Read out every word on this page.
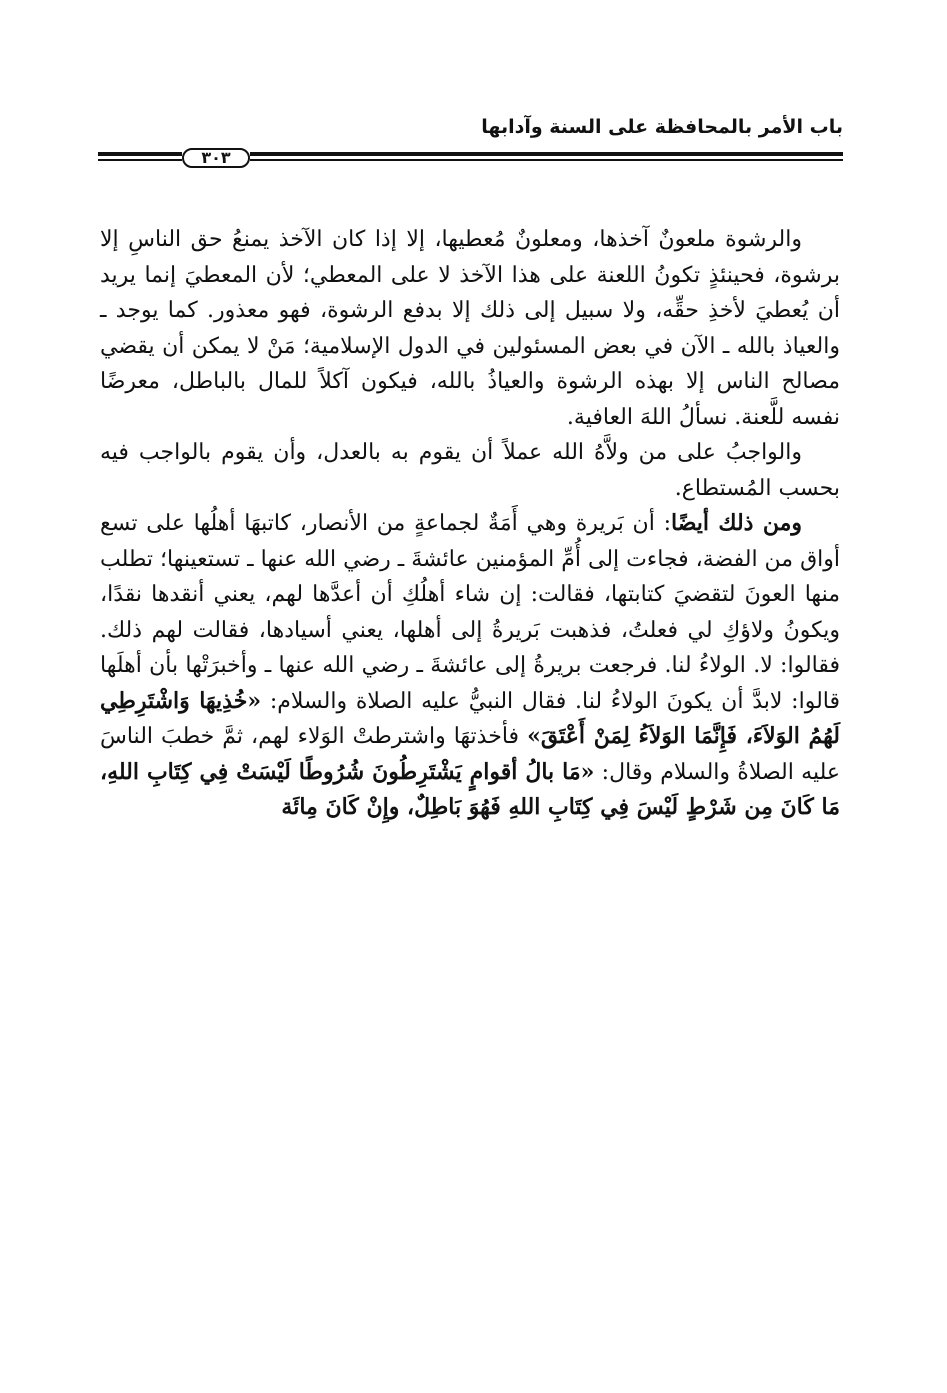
باب الأمر بالمحافظة على السنة وآدابها
٣٠٣

والرشوة ملعونٌ آخذها، ومعلونٌ مُعطيها، إلا إذا كان الآخذ يمنعُ حق الناسِ إلا برشوة، فحينئذٍ تكونُ اللعنة على هذا الآخذ لا على المعطي؛ لأن المعطيَ إنما يريد أن يُعطيَ لأخذِ حقِّه، ولا سبيل إلى ذلك إلا بدفع الرشوة، فهو معذور. كما يوجد ـ والعياذ بالله ـ الآن في بعض المسئولين في الدول الإسلامية؛ مَنْ لا يمكن أن يقضي مصالح الناس إلا بهذه الرشوة والعياذُ بالله، فيكون آكلاً للمال بالباطل، معرضًا نفسه للَّعنة. نسألُ اللهَ العافية.

والواجبُ على من ولاَّهُ الله عملاً أن يقوم به بالعدل، وأن يقوم بالواجب فيه بحسب المُستطاع.

ومن ذلك أيضًا: أن بَريرة وهي أَمَةٌ لجماعةٍ من الأنصار، كاتبهَا أهلُها على تسع أواق من الفضة، فجاءت إلى أُمِّ المؤمنين عائشةَ ـ رضي الله عنها ـ تستعينها؛ تطلب منها العونَ لتقضيَ كتابتها، فقالت: إن شاء أهلُكِ أن أعدَّها لهم، يعني أنقدها نقدًا، ويكونُ ولاؤكِ لي فعلتُ، فذهبت بَريرةُ إلى أهلها، يعني أسيادها، فقالت لهم ذلك. فقالوا: لا. الولاءُ لنا. فرجعت بريرةُ إلى عائشةَ ـ رضي الله عنها ـ وأخبرَتْها بأن أهلَها قالوا: لابدَّ أن يكونَ الولاءُ لنا. فقال النبيُّ عليه الصلاة والسلام: «خُذِيهَا وَاشْتَرِطِي لَهُمُ الوَلاَءَ، فَإِنَّمَا الوَلاَءُ لِمَنْ أَعْتَقَ» فأخذتهَا واشترطتْ الوَلاء لهم، ثمَّ خطبَ الناسَ عليه الصلاةُ والسلام وقال: «مَا بالُ أقوامٍ يَشْتَرِطُونَ شُرُوطًا لَيْسَتْ فِي كِتَابِ اللهِ، مَا كَانَ مِن شَرْطٍ لَيْسَ فِي كِتَابِ اللهِ فَهُوَ بَاطِلٌ، وإِنْ كَانَ مِائَة
